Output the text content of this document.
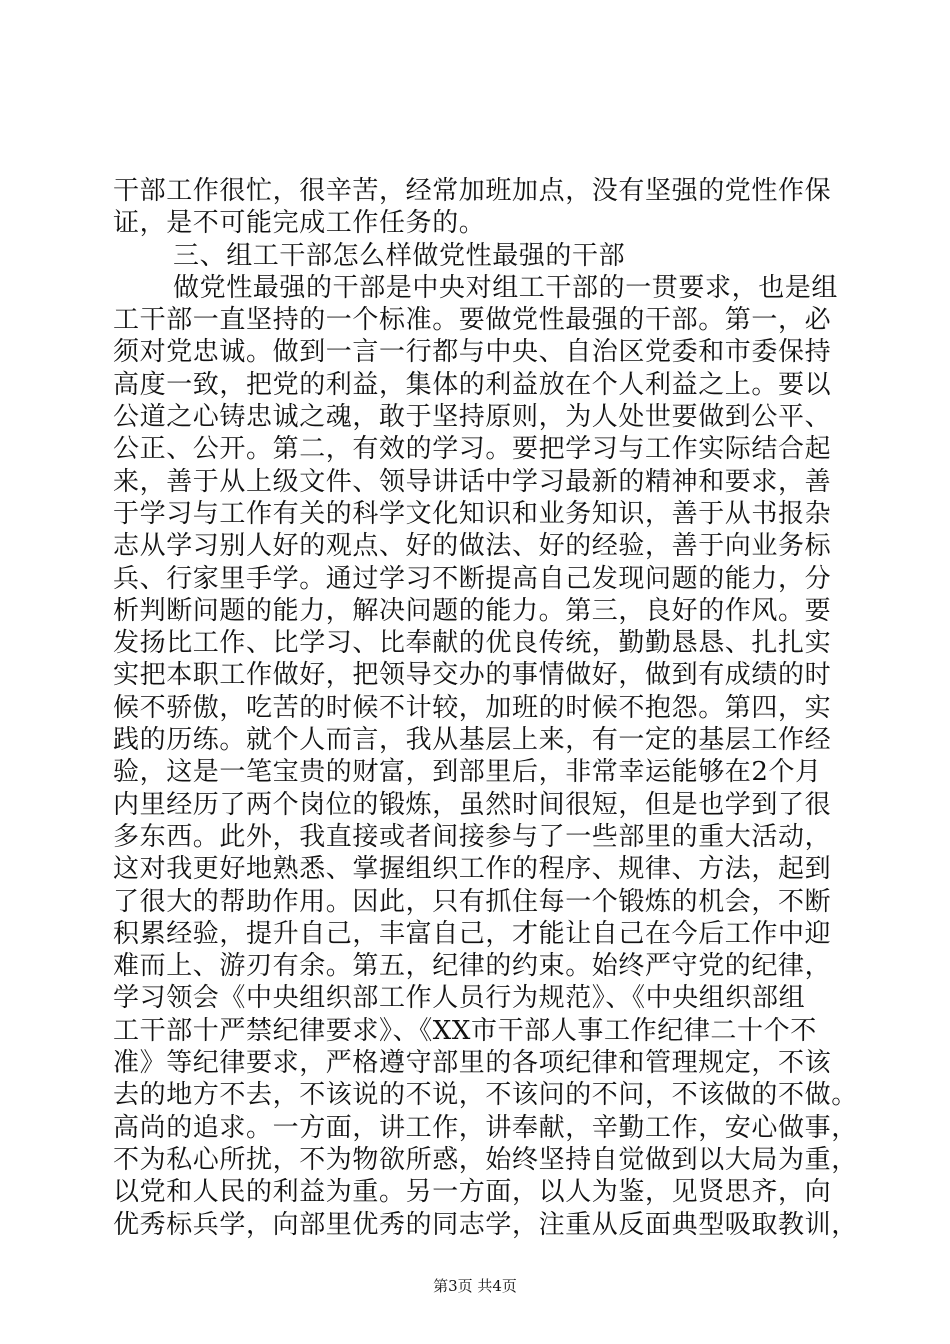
干部工作很忙，很辛苦，经常加班加点，没有坚强的党性作保
证，是不可能完成工作任务的。
三、组工干部怎么样做党性最强的干部
做党性最强的干部是中央对组工干部的一贯要求，也是组
工干部一直坚持的一个标准。要做党性最强的干部。第一，必
须对党忠诚。做到一言一行都与中央、自治区党委和市委保持
高度一致，把党的利益，集体的利益放在个人利益之上。要以
公道之心铸忠诚之魂，敢于坚持原则，为人处世要做到公平、
公正、公开。第二，有效的学习。要把学习与工作实际结合起
来，善于从上级文件、领导讲话中学习最新的精神和要求，善
于学习与工作有关的科学文化知识和业务知识，善于从书报杂
志从学习别人好的观点、好的做法、好的经验，善于向业务标
兵、行家里手学。通过学习不断提高自己发现问题的能力，分
析判断问题的能力，解决问题的能力。第三，良好的作风。要
发扬比工作、比学习、比奉献的优良传统，勤勤恳恳、扎扎实
实把本职工作做好，把领导交办的事情做好，做到有成绩的时
候不骄傲，吃苦的时候不计较，加班的时候不抱怨。第四，实
践的历练。就个人而言，我从基层上来，有一定的基层工作经
验，这是一笔宝贵的财富，到部里后，非常幸运能够在2个月
内里经历了两个岗位的锻炼，虽然时间很短，但是也学到了很
多东西。此外，我直接或者间接参与了一些部里的重大活动，
这对我更好地熟悉、掌握组织工作的程序、规律、方法，起到
了很大的帮助作用。因此，只有抓住每一个锻炼的机会，不断
积累经验，提升自己，丰富自己，才能让自己在今后工作中迎
难而上、游刃有余。第五，纪律的约束。始终严守党的纪律，
学习领会《中央组织部工作人员行为规范》、《中央组织部组
工干部十严禁纪律要求》、《XX市干部人事工作纪律二十个不
准》等纪律要求，严格遵守部里的各项纪律和管理规定，不该
去的地方不去，不该说的不说，不该问的不问，不该做的不做。
高尚的追求。一方面，讲工作，讲奉献，辛勤工作，安心做事，
不为私心所扰，不为物欲所惑，始终坚持自觉做到以大局为重，
以党和人民的利益为重。另一方面，以人为鉴，见贤思齐，向
优秀标兵学，向部里优秀的同志学，注重从反面典型吸取教训，
第3页 共4页
